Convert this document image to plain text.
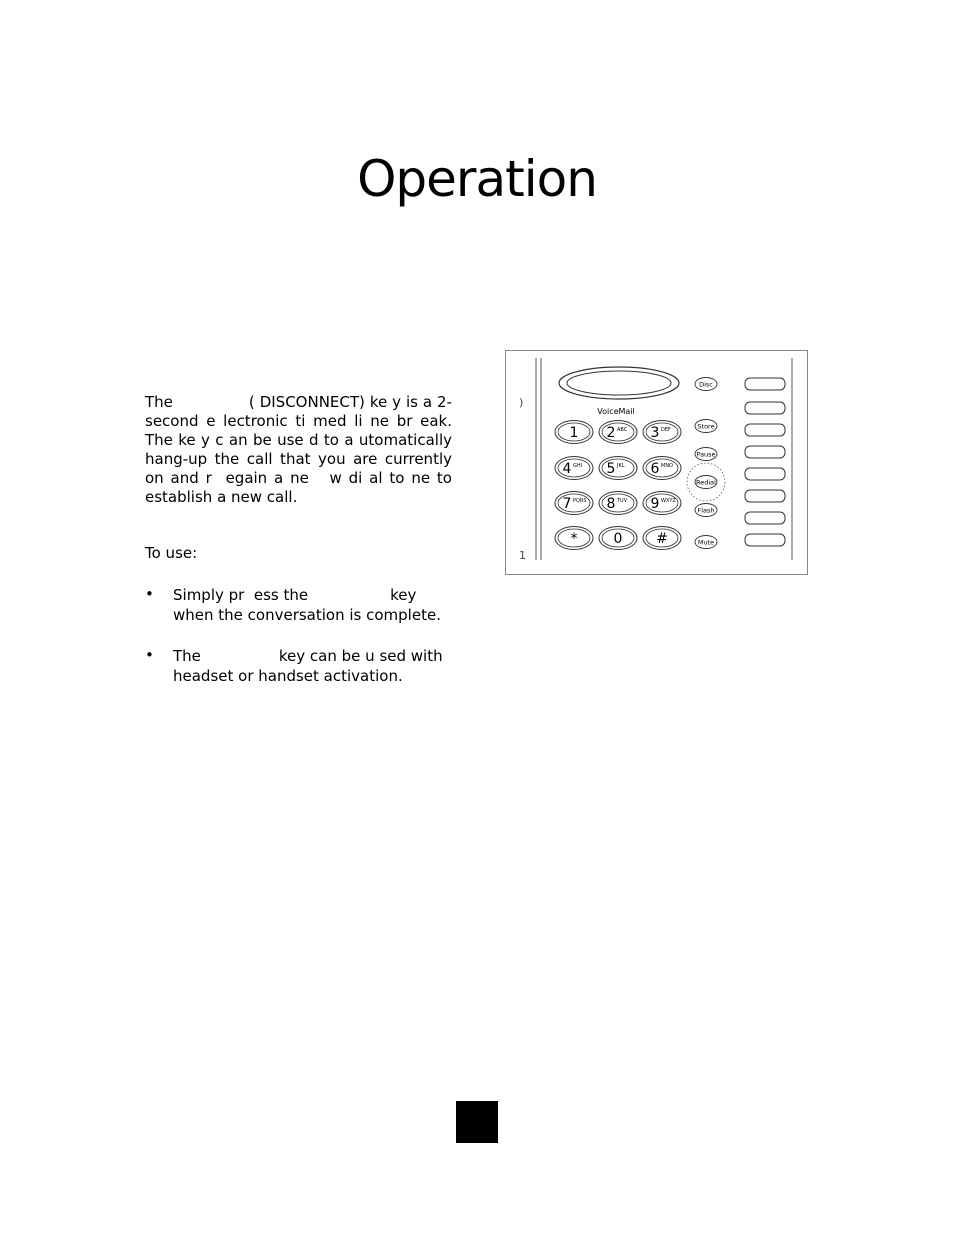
Operation

The	( DISCONNECT) ke y is a 2-second e lectronic ti med li ne br eak. The ke y c an be use d to a utomatically hang-up the call that you are currently on and r egain a ne w di al to ne to establish a new call.

To use:
• Simply pr ess the	key
when the conversation is complete.
• The	key can be u sed with headset or handset activation.
)
1
VoiceMail
1 2 ABC 3 DEF
4 GHI 5 JKL 6 MNO
7 PQRS 8 TUV 9 WXYZ
*	0 #
Disc
Store
Pause
Redial
Flash
Mute
